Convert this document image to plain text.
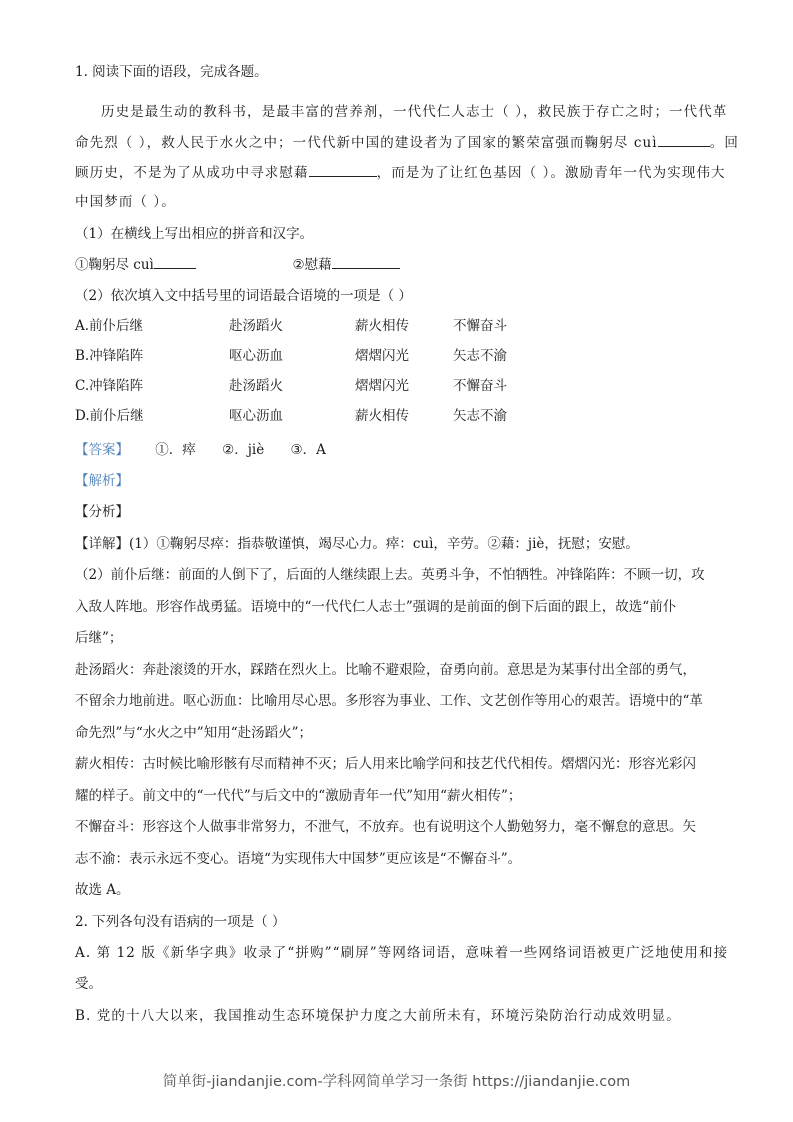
1. 阅读下面的语段，完成各题。
历史是最生动的教科书，是最丰富的营养剂，一代代仁人志士（ ），救民族于存亡之时；一代代革
命先烈（ ），救人民于水火之中；一代代新中国的建设者为了国家的繁荣富强而鞠躬尽 cuì	。回
顾历史，不是为了从成功中寻求慰藉	，而是为了让红色基因（ ）。激励青年一代为实现伟大
中国梦而（ ）。
（1）在横线上写出相应的拼音和汉字。
①鞠躬尽 cuì	②慰藉
（2）依次填入文中括号里的词语最合语境的一项是（ ）
A.前仆后继	赴汤蹈火	薪火相传	不懈奋斗
B.冲锋陷阵	呕心沥血	熠熠闪光	矢志不渝
C.冲锋陷阵	赴汤蹈火	熠熠闪光	不懈奋斗
D.前仆后继	呕心沥血	薪火相传	矢志不渝
【答案】 ①．瘁 ②．jiè ③．A
【解析】
【分析】
【详解】(1）①鞠躬尽瘁：指恭敬谨慎，竭尽心力。瘁：cuì，辛劳。②藉：jiè，抚慰；安慰。
（2）前仆后继：前面的人倒下了，后面的人继续跟上去。英勇斗争，不怕牺牲。冲锋陷阵：不顾一切，攻
入敌人阵地。形容作战勇猛。语境中的“一代代仁人志士”强调的是前面的倒下后面的跟上，故选“前仆
后继”；
赴汤蹈火：奔赴滚烫的开水，踩踏在烈火上。比喻不避艰险，奋勇向前。意思是为某事付出全部的勇气，
不留余力地前进。呕心沥血：比喻用尽心思。多形容为事业、工作、文艺创作等用心的艰苦。语境中的“革
命先烈”与“水火之中”知用“赴汤蹈火”；
薪火相传：古时候比喻形骸有尽而精神不灭；后人用来比喻学问和技艺代代相传。熠熠闪光：形容光彩闪
耀的样子。前文中的“一代代”与后文中的“激励青年一代”知用“薪火相传”；
不懈奋斗：形容这个人做事非常努力，不泄气，不放弃。也有说明这个人勤勉努力，毫不懈怠的意思。矢
志不渝：表示永远不变心。语境“为实现伟大中国梦”更应该是“不懈奋斗”。
故选 A。
2. 下列各句没有语病的一项是（ ）
A. 第 12 版《新华字典》收录了“拼购”“刷屏”等网络词语，意味着一些网络词语被更广泛地使用和接
受。
B. 党的十八大以来，我国推动生态环境保护力度之大前所未有，环境污染防治行动成效明显。
简单街-jiandanjie.com-学科网简单学习一条街 https://jiandanjie.com
